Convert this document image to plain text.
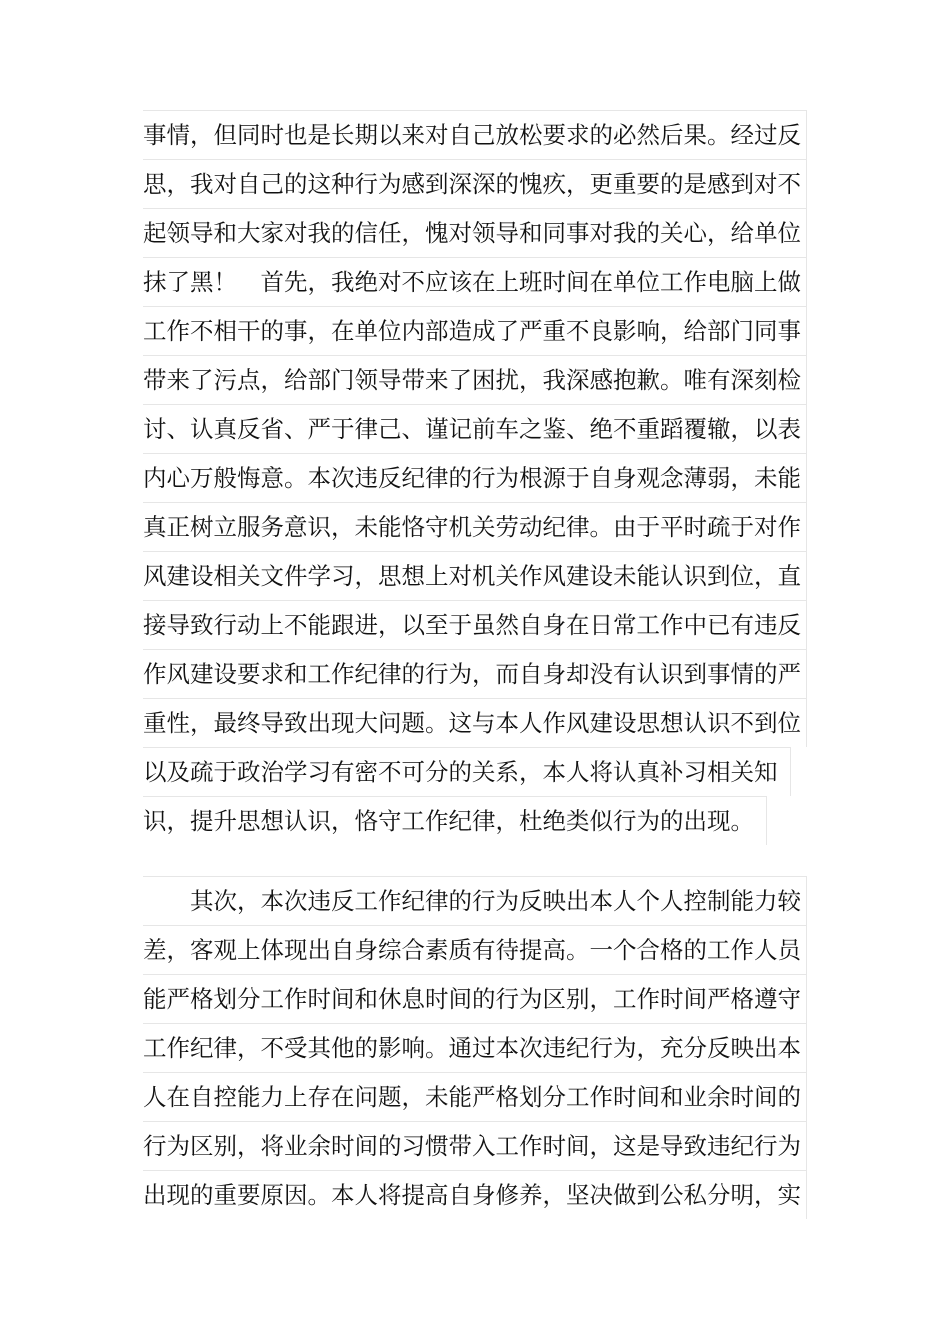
事情，但同时也是长期以来对自己放松要求的必然后果。经过反
思，我对自己的这种行为感到深深的愧疚，更重要的是感到对不
起领导和大家对我的信任，愧对领导和同事对我的关心，给单位
抹了黑！　首先，我绝对不应该在上班时间在单位工作电脑上做
工作不相干的事，在单位内部造成了严重不良影响，给部门同事
带来了污点，给部门领导带来了困扰，我深感抱歉。唯有深刻检
讨、认真反省、严于律己、谨记前车之鉴、绝不重蹈覆辙，以表
内心万般悔意。本次违反纪律的行为根源于自身观念薄弱，未能
真正树立服务意识，未能恪守机关劳动纪律。由于平时疏于对作
风建设相关文件学习，思想上对机关作风建设未能认识到位，直
接导致行动上不能跟进，以至于虽然自身在日常工作中已有违反
作风建设要求和工作纪律的行为，而自身却没有认识到事情的严
重性，最终导致出现大问题。这与本人作风建设思想认识不到位
以及疏于政治学习有密不可分的关系，本人将认真补习相关知
识，提升思想认识，恪守工作纪律，杜绝类似行为的出现。
其次，本次违反工作纪律的行为反映出本人个人控制能力较
差，客观上体现出自身综合素质有待提高。一个合格的工作人员
能严格划分工作时间和休息时间的行为区别，工作时间严格遵守
工作纪律，不受其他的影响。通过本次违纪行为，充分反映出本
人在自控能力上存在问题，未能严格划分工作时间和业余时间的
行为区别，将业余时间的习惯带入工作时间，这是导致违纪行为
出现的重要原因。本人将提高自身修养，坚决做到公私分明，实
